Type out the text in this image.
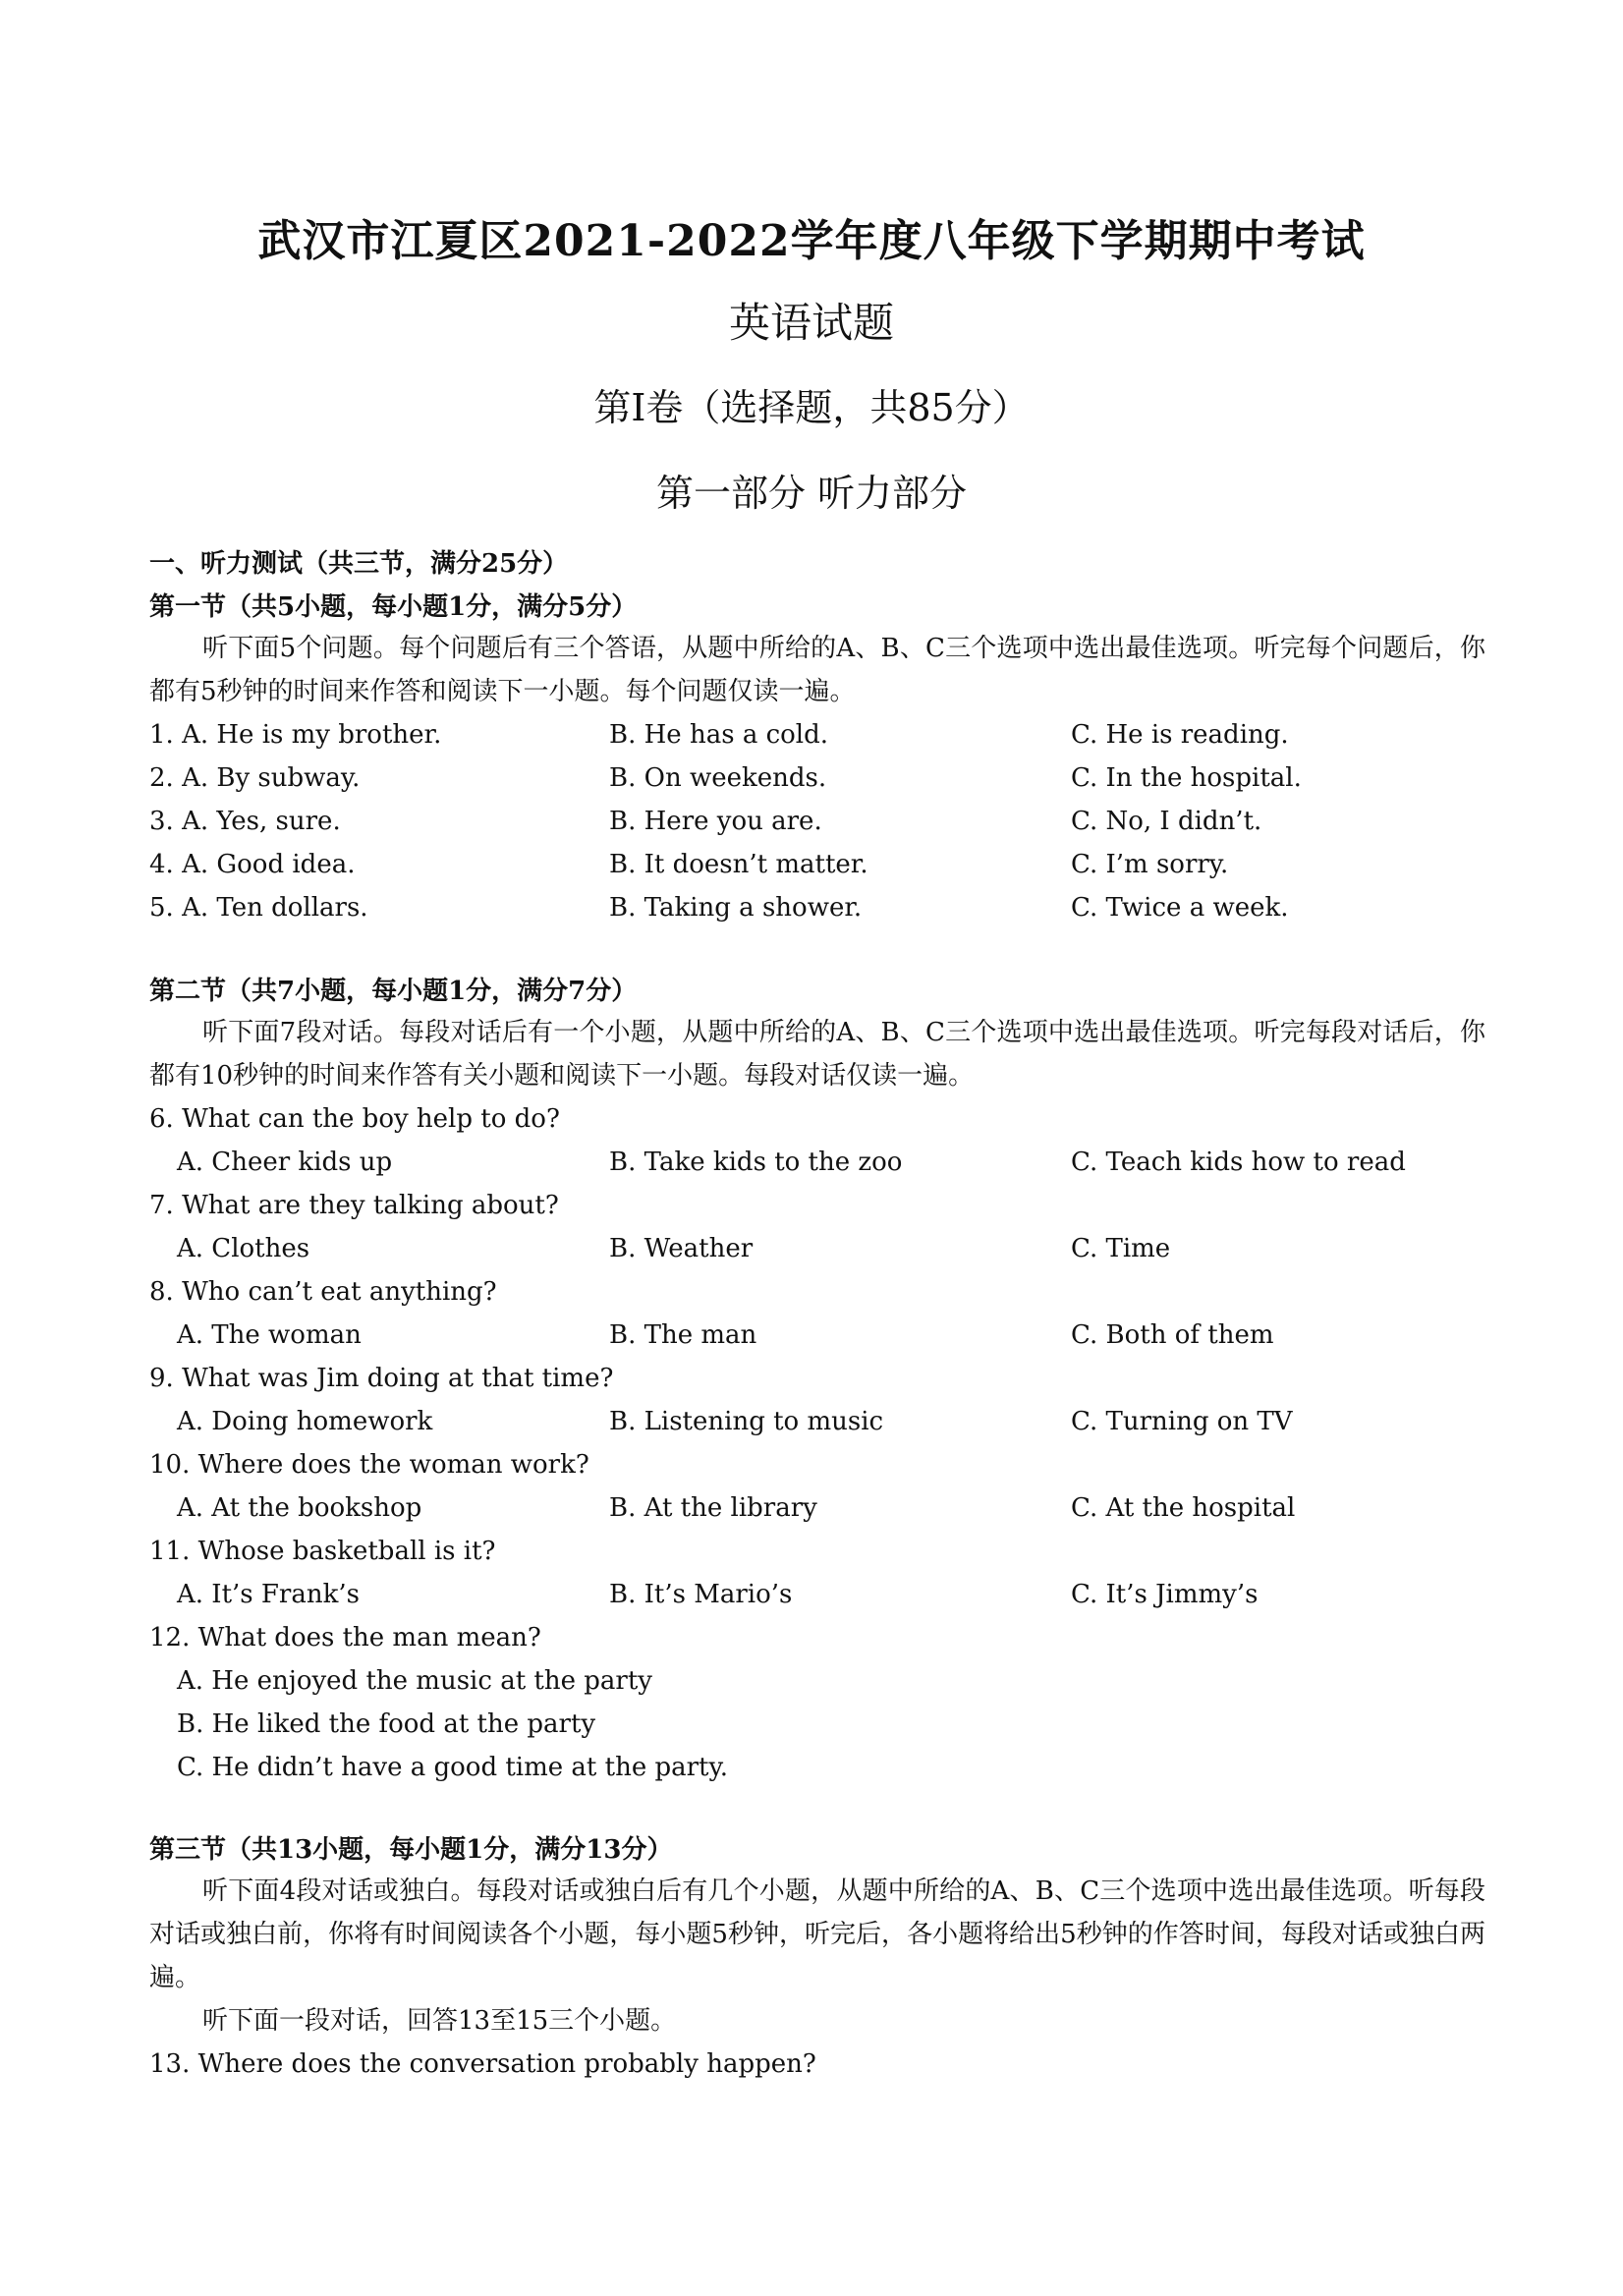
武汉市江夏区2021-2022学年度八年级下学期期中考试
英语试题
第I卷（选择题，共85分）
第一部分 听力部分
一、听力测试（共三节，满分25分）
第一节（共5小题，每小题1分，满分5分）
听下面5个问题。每个问题后有三个答语，从题中所给的A、B、C三个选项中选出最佳选项。听完每个问题后，你都有5秒钟的时间来作答和阅读下一小题。每个问题仅读一遍。
1. A. He is my brother.	B. He has a cold.	C. He is reading.
2. A. By subway.	B. On weekends.	C. In the hospital.
3. A. Yes, sure.	B. Here you are.	C. No, I didn’t.
4. A. Good idea.	B. It doesn’t matter.	C. I’m sorry.
5. A. Ten dollars.	B. Taking a shower.	C. Twice a week.
第二节（共7小题，每小题1分，满分7分）
听下面7段对话。每段对话后有一个小题，从题中所给的A、B、C三个选项中选出最佳选项。听完每段对话后，你都有10秒钟的时间来作答有关小题和阅读下一小题。每段对话仅读一遍。
6. What can the boy help to do?
A. Cheer kids up	B. Take kids to the zoo	C. Teach kids how to read
7. What are they talking about?
A. Clothes	B. Weather	C. Time
8. Who can’t eat anything?
A. The woman	B. The man	C. Both of them
9. What was Jim doing at that time?
A. Doing homework	B. Listening to music	C. Turning on TV
10. Where does the woman work?
A. At the bookshop	B. At the library	C. At the hospital
11. Whose basketball is it?
A. It’s Frank’s	B. It’s Mario’s	C. It’s Jimmy’s
12. What does the man mean?
A. He enjoyed the music at the party
B. He liked the food at the party
C. He didn’t have a good time at the party.
第三节（共13小题，每小题1分，满分13分）
听下面4段对话或独白。每段对话或独白后有几个小题，从题中所给的A、B、C三个选项中选出最佳选项。听每段对话或独白前，你将有时间阅读各个小题，每小题5秒钟，听完后，各小题将给出5秒钟的作答时间，每段对话或独白两遍。
听下面一段对话，回答13至15三个小题。
13. Where does the conversation probably happen?
